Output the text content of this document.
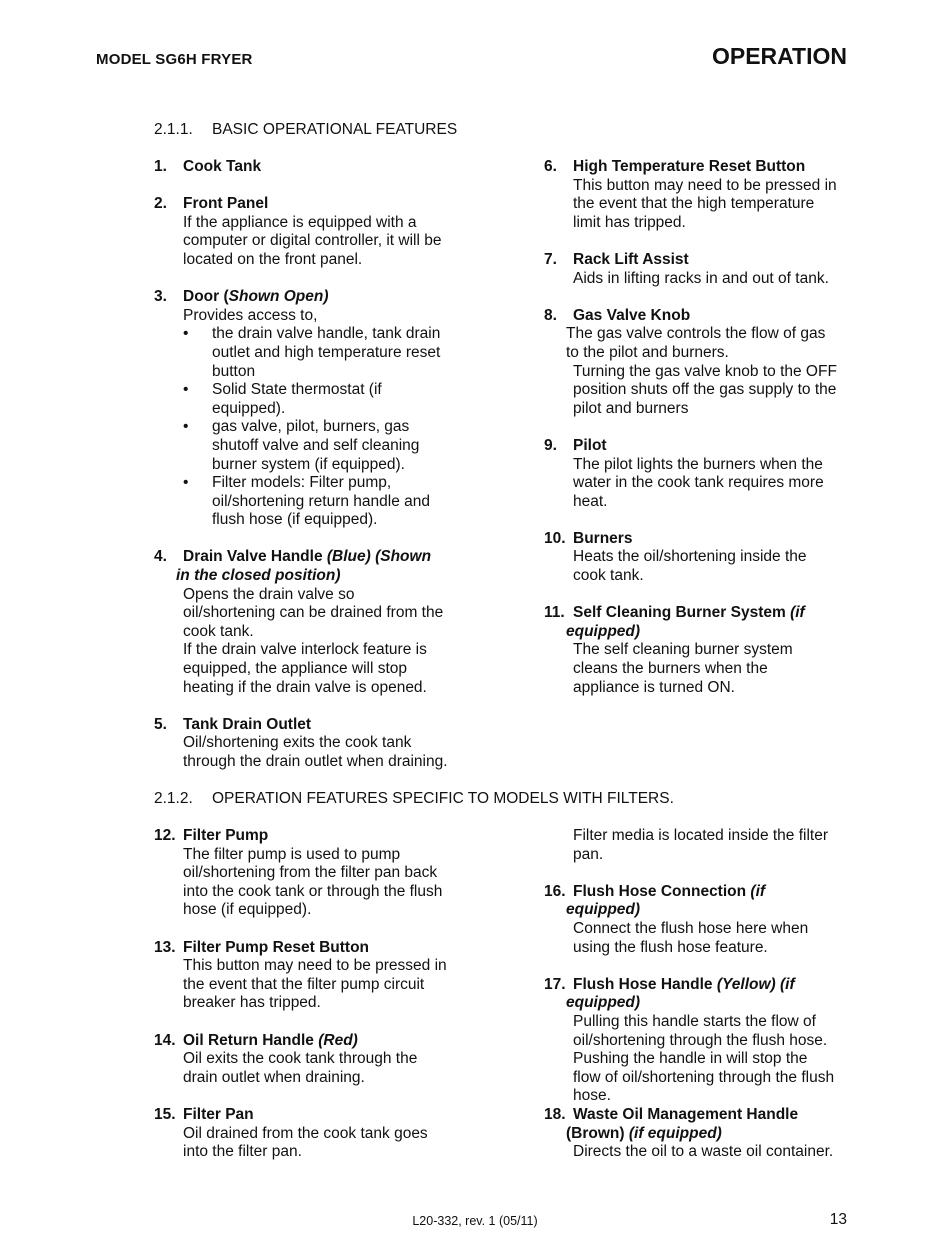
MODEL SG6H FRYER	OPERATION
2.1.1. BASIC OPERATIONAL FEATURES
1. Cook Tank
2. Front Panel
If the appliance is equipped with a
computer or digital controller, it will be
located on the front panel.
3. Door (Shown Open)
Provides access to,
• the drain valve handle, tank drain
outlet and high temperature reset
button
• Solid State thermostat (if
equipped).
• gas valve, pilot, burners, gas
shutoff valve and self cleaning
burner system (if equipped).
• Filter models: Filter pump,
oil/shortening return handle and
flush hose (if equipped).
4. Drain Valve Handle (Blue) (Shown
in the closed position)
Opens the drain valve so
oil/shortening can be drained from the
cook tank.
If the drain valve interlock feature is
equipped, the appliance will stop
heating if the drain valve is opened.
5. Tank Drain Outlet
Oil/shortening exits the cook tank
through the drain outlet when draining.
6. High Temperature Reset Button
This button may need to be pressed in
the event that the high temperature
limit has tripped.
7. Rack Lift Assist
Aids in lifting racks in and out of tank.
8. Gas Valve Knob
The gas valve controls the flow of gas
to the pilot and burners.
Turning the gas valve knob to the OFF
position shuts off the gas supply to the
pilot and burners
9. Pilot
The pilot lights the burners when the
water in the cook tank requires more
heat.
10. Burners
Heats the oil/shortening inside the
cook tank.
11. Self Cleaning Burner System (if
equipped)
The self cleaning burner system
cleans the burners when the
appliance is turned ON.
2.1.2. OPERATION FEATURES SPECIFIC TO MODELS WITH FILTERS.
12. Filter Pump
The filter pump is used to pump
oil/shortening from the filter pan back
into the cook tank or through the flush
hose (if equipped).
13. Filter Pump Reset Button
This button may need to be pressed in
the event that the filter pump circuit
breaker has tripped.
14. Oil Return Handle (Red)
Oil exits the cook tank through the
drain outlet when draining.
15. Filter Pan
Oil drained from the cook tank goes
into the filter pan.
Filter media is located inside the filter
pan.
16. Flush Hose Connection (if
equipped)
Connect the flush hose here when
using the flush hose feature.
17. Flush Hose Handle (Yellow) (if
equipped)
Pulling this handle starts the flow of
oil/shortening through the flush hose.
Pushing the handle in will stop the
flow of oil/shortening through the flush
hose.
18. Waste Oil Management Handle
(Brown) (if equipped)
Directs the oil to a waste oil container.
L20-332, rev. 1 (05/11)	13
